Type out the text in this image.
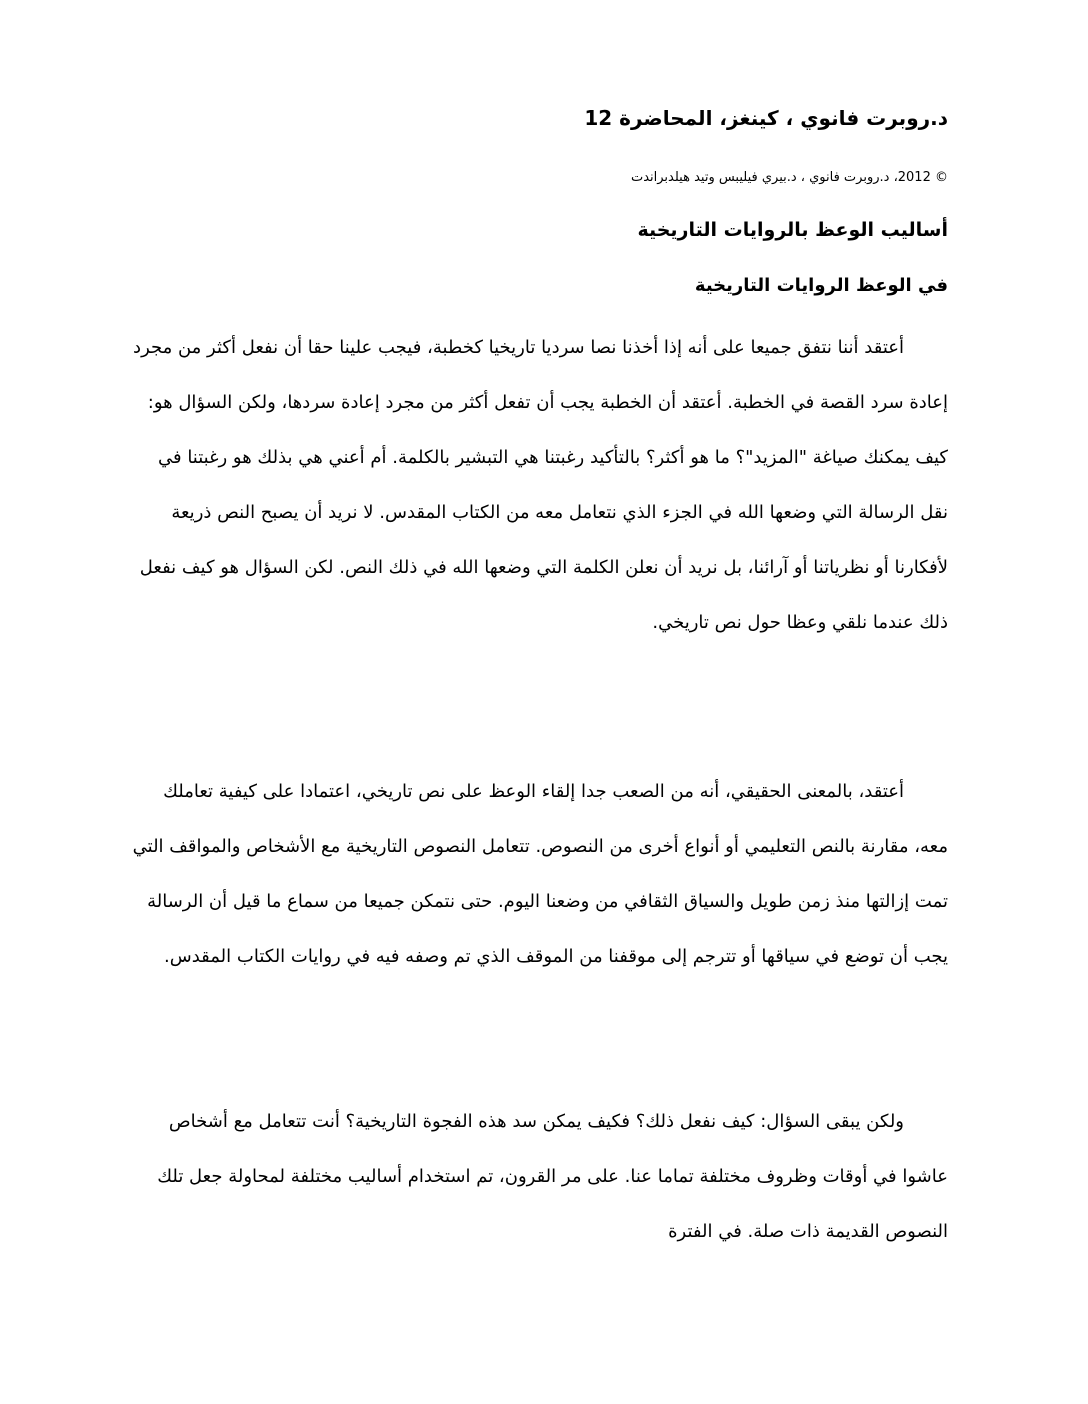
د.روبرت فانوي ، كينغز، المحاضرة 12

© 2012، د.روبرت فانوي ، د.بيري فيليبس وتيد هيلدبراندت

أساليب الوعظ بالروايات التاريخية
في الوعظ الروايات التاريخية

أعتقد أننا نتفق جميعا على أنه إذا أخذنا نصا سرديا تاريخيا كخطبة، فيجب علينا حقا أن نفعل أكثر من مجرد إعادة سرد القصة في الخطبة. أعتقد أن الخطبة يجب أن تفعل أكثر من مجرد إعادة سردها، ولكن السؤال هو: كيف يمكنك صياغة "المزيد"؟ ما هو أكثر؟ بالتأكيد رغبتنا هي التبشير بالكلمة. أم أعني هي بذلك هو رغبتنا في نقل الرسالة التي وضعها الله في الجزء الذي نتعامل معه من الكتاب المقدس. لا نريد أن يصبح النص ذريعة لأفكارنا أو نظرياتنا أو آرائنا، بل نريد أن نعلن الكلمة التي وضعها الله في ذلك النص. لكن السؤال هو كيف نفعل ذلك عندما نلقي وعظا حول نص تاريخي.

أعتقد، بالمعنى الحقيقي، أنه من الصعب جدا إلقاء الوعظ على نص تاريخي، اعتمادا على كيفية تعاملك معه، مقارنة بالنص التعليمي أو أنواع أخرى من النصوص. تتعامل النصوص التاريخية مع الأشخاص والمواقف التي تمت إزالتها منذ زمن طويل والسياق الثقافي من وضعنا اليوم. حتى نتمكن جميعا من سماع ما قيل أن الرسالة يجب أن توضع في سياقها أو تترجم إلى موقفنا من الموقف الذي تم وصفه فيه في روايات الكتاب المقدس.

ولكن يبقى السؤال: كيف نفعل ذلك؟ فكيف يمكن سد هذه الفجوة التاريخية؟ أنت تتعامل مع أشخاص عاشوا في أوقات وظروف مختلفة تماما عنا. على مر القرون، تم استخدام أساليب مختلفة لمحاولة جعل تلك النصوص القديمة ذات صلة. في الفترة
